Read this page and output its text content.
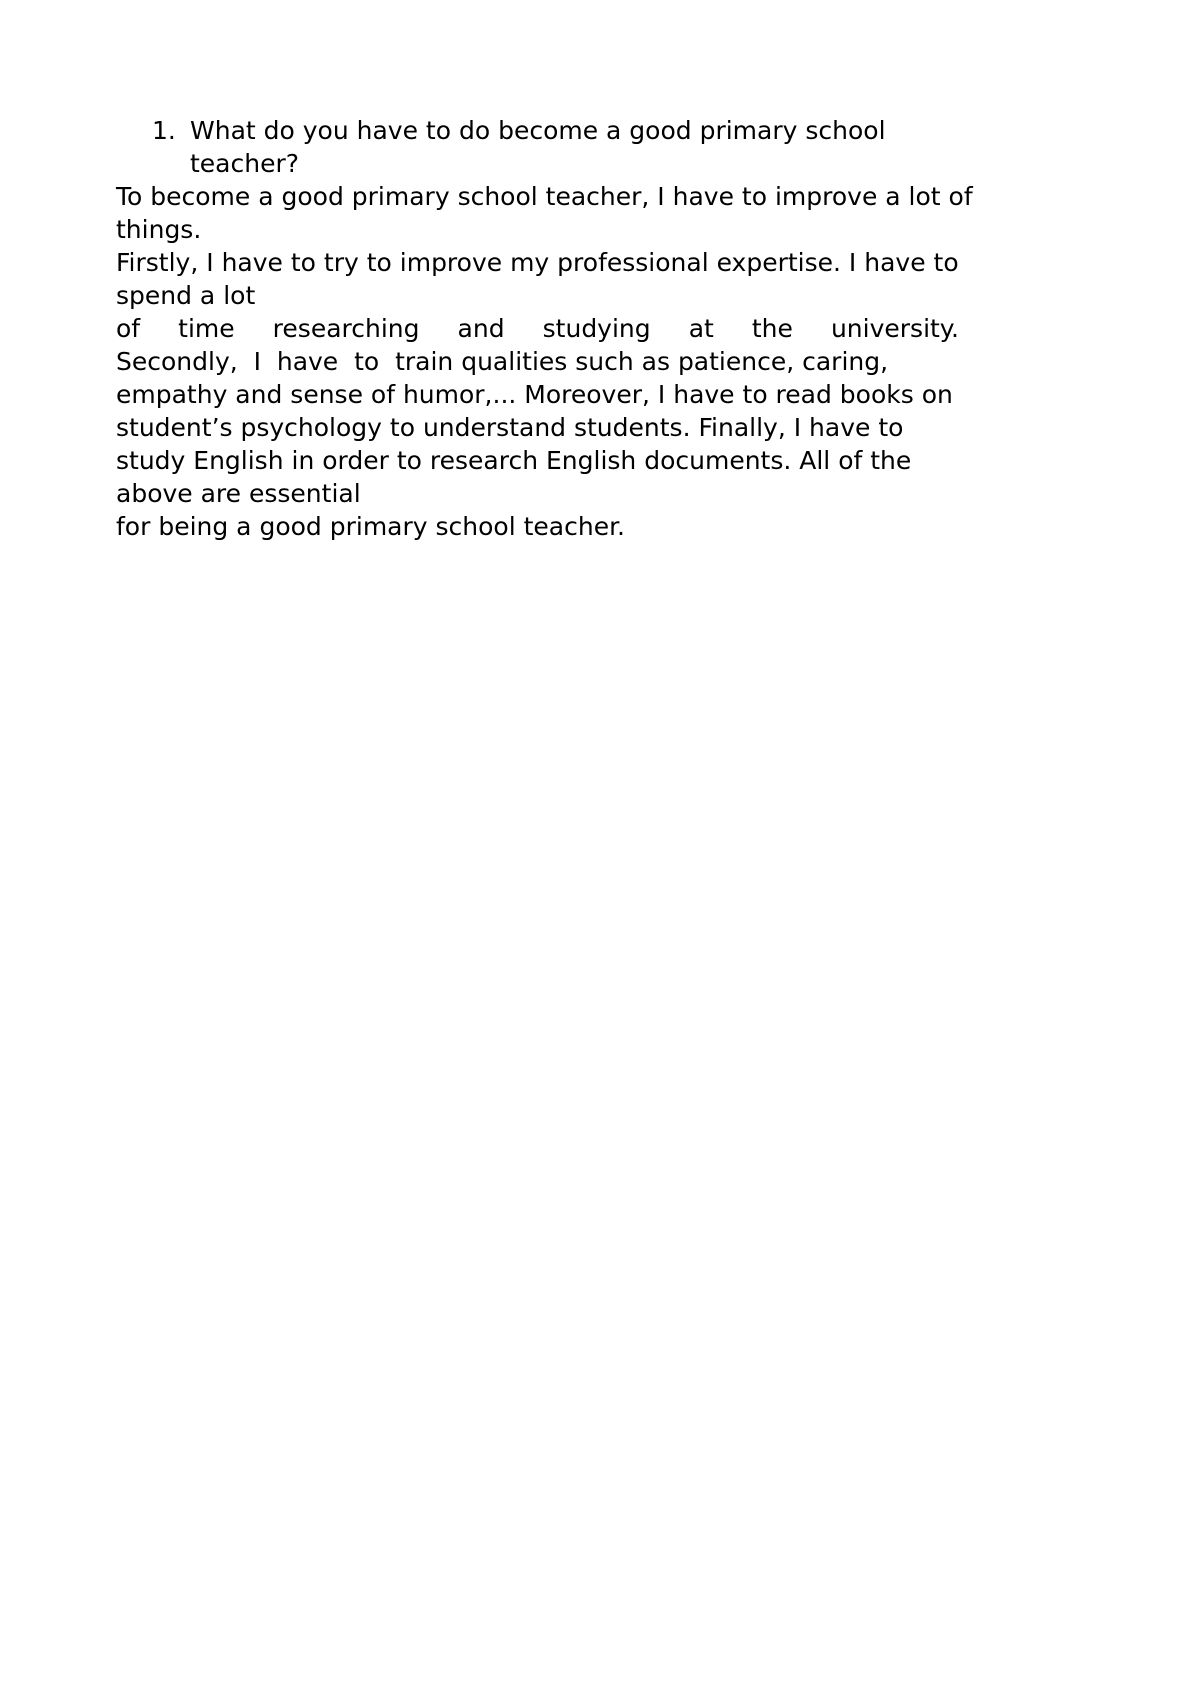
1. What do you have to do become a good primary school teacher?
To become a good primary school teacher, I have to improve a lot of
things.
Firstly, I have to try to improve my professional expertise. I have to
spend a lot
of time researching and studying at the university.
Secondly,  I  have  to  train qualities such as patience, caring,
empathy and sense of humor,... Moreover, I have to read books on
student’s psychology to understand students. Finally, I have to
study English in order to research English documents. All of the
above are essential
for being a good primary school teacher.
